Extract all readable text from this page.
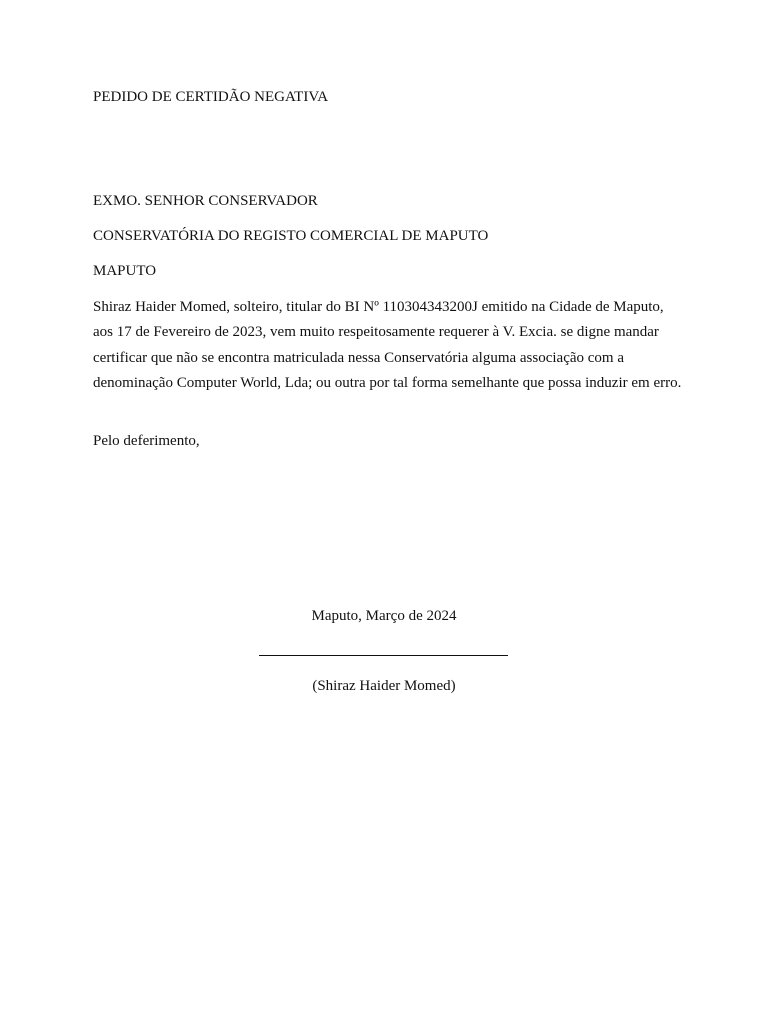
PEDIDO DE CERTIDÃO NEGATIVA
EXMO. SENHOR CONSERVADOR
CONSERVATÓRIA DO REGISTO COMERCIAL DE MAPUTO
MAPUTO
Shiraz Haider Momed, solteiro, titular do BI Nº 110304343200J emitido na Cidade de Maputo, aos 17 de Fevereiro de 2023, vem muito respeitosamente requerer à V. Excia. se digne mandar certificar que não se encontra matriculada nessa Conservatória alguma associação com a denominação Computer World, Lda; ou outra por tal forma semelhante que possa induzir em erro.
Pelo deferimento,
Maputo, Março de 2024
(Shiraz Haider Momed)
